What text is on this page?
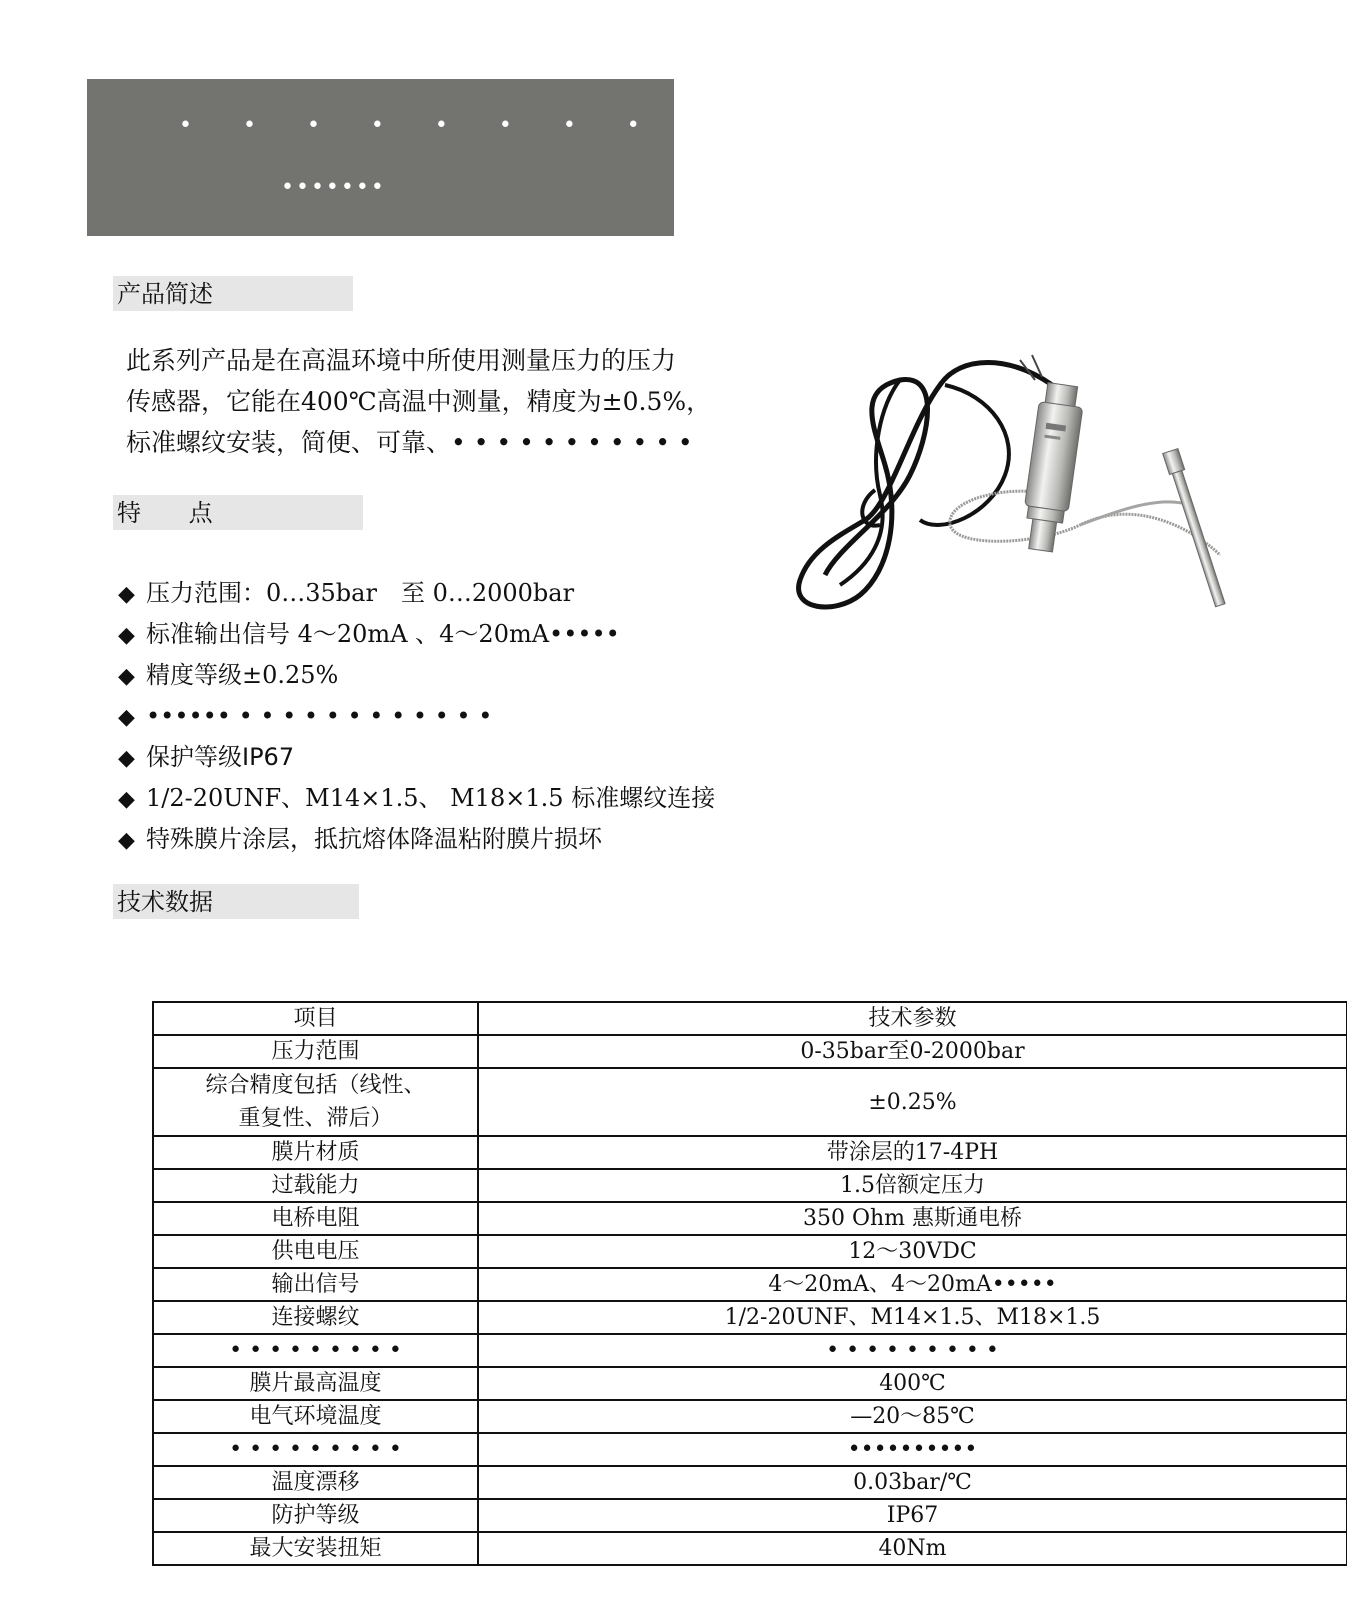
• • • • • • • • • • • •
•••••••
产品简述
此系列产品是在高温环境中所使用测量压力的压力
传感器，它能在400℃高温中测量，精度为±0.5%，
标准螺纹安装，简便、可靠、• • • • • • • • • • •
特 点
◆ 压力范围：0…35bar　至 0…2000bar
◆ 标准输出信号 4～20mA 、4～20mA•••••
◆ 精度等级±0.25%
◆ •••••• • • • • • • • • • • • •
◆ 保护等级IP67
◆ 1/2-20UNF、M14×1.5、 M18×1.5 标准螺纹连接
◆ 特殊膜片涂层，抵抗熔体降温粘附膜片损坏
技术数据
项目	技术参数
压力范围	0-35bar至0-2000bar
综合精度包括（线性、
重复性、滞后）	±0.25%
膜片材质	带涂层的17-4PH
过载能力	1.5倍额定压力
电桥电阻	350 Ohm 惠斯通电桥
供电电压	12～30VDC
输出信号	4～20mA、4～20mA•••••
连接螺纹	1/2-20UNF、M14×1.5、M18×1.5
• • • • • • • • •	• • • • • • • • •
膜片最高温度	400℃
电气环境温度	—20～85℃
• • • • • • • • •	••••••••••
温度漂移	0.03bar/℃
防护等级	IP67
最大安装扭矩	40Nm
